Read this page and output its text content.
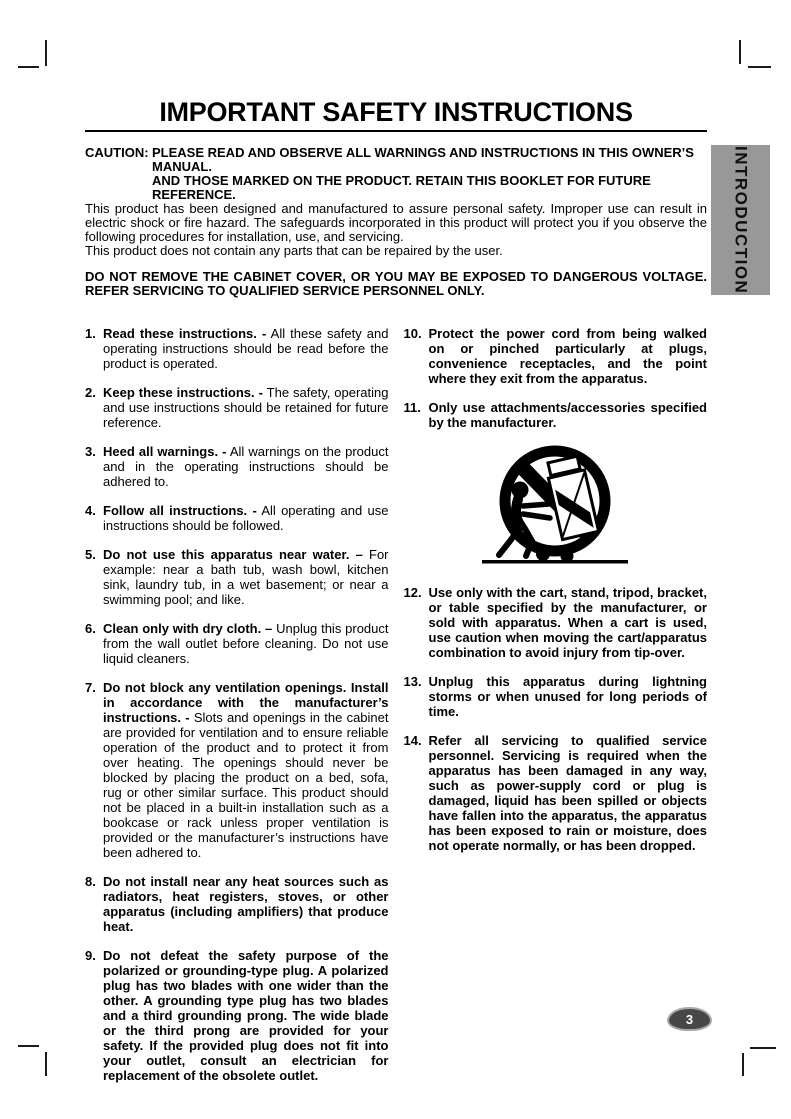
INTRODUCTION
IMPORTANT SAFETY INSTRUCTIONS
CAUTION: PLEASE READ AND OBSERVE ALL WARNINGS AND INSTRUCTIONS IN THIS OWNER’S MANUAL.
AND THOSE MARKED ON THE PRODUCT. RETAIN THIS BOOKLET FOR FUTURE REFERENCE.

This product has been designed and manufactured to assure personal safety. Improper use can result in electric shock or fire hazard. The safeguards incorporated in this product will protect you if you observe the following procedures for installation, use, and servicing.

This product does not contain any parts that can be repaired by the user.

DO NOT REMOVE THE CABINET COVER, OR YOU MAY BE EXPOSED TO DANGEROUS VOLTAGE. REFER SERVICING TO QUALIFIED SERVICE PERSONNEL ONLY.

1. Read these instructions. - All these safety and operating instructions should be read before the product is operated.
2. Keep these instructions. - The safety, operating and use instructions should be retained for future reference.
3. Heed all warnings. - All warnings on the product and in the operating instructions should be adhered to.
4. Follow all instructions. - All operating and use instructions should be followed.
5. Do not use this apparatus near water. – For example: near a bath tub, wash bowl, kitchen sink, laundry tub, in a wet basement; or near a swimming pool; and like.
6. Clean only with dry cloth. – Unplug this product from the wall outlet before cleaning. Do not use liquid cleaners.
7. Do not block any ventilation openings. Install in accordance with the manufacturer’s instructions. - Slots and openings in the cabinet are provided for ventilation and to ensure reliable operation of the product and to protect it from over heating. The openings should never be blocked by placing the product on a bed, sofa, rug or other similar surface. This product should not be placed in a built-in installation such as a bookcase or rack unless proper ventilation is provided or the manufacturer’s instructions have been adhered to.
8. Do not install near any heat sources such as radiators, heat registers, stoves, or other apparatus (including amplifiers) that produce heat.
9. Do not defeat the safety purpose of the polarized or grounding-type plug. A polarized plug has two blades with one wider than the other. A grounding type plug has two blades and a third grounding prong. The wide blade or the third prong are provided for your safety. If the provided plug does not fit into your outlet, consult an electrician for replacement of the obsolete outlet.
10. Protect the power cord from being walked on or pinched particularly at plugs, convenience receptacles, and the point where they exit from the apparatus.
11. Only use attachments/accessories specified by the manufacturer.
12. Use only with the cart, stand, tripod, bracket, or table specified by the manufacturer, or sold with apparatus. When a cart is used, use caution when moving the cart/apparatus combination to avoid injury from tip-over.
13. Unplug this apparatus during lightning storms or when unused for long periods of time.
14. Refer all servicing to qualified service personnel. Servicing is required when the apparatus has been damaged in any way, such as power-supply cord or plug is damaged, liquid has been spilled or objects have fallen into the apparatus, the apparatus has been exposed to rain or moisture, does not operate normally, or has been dropped.
3
